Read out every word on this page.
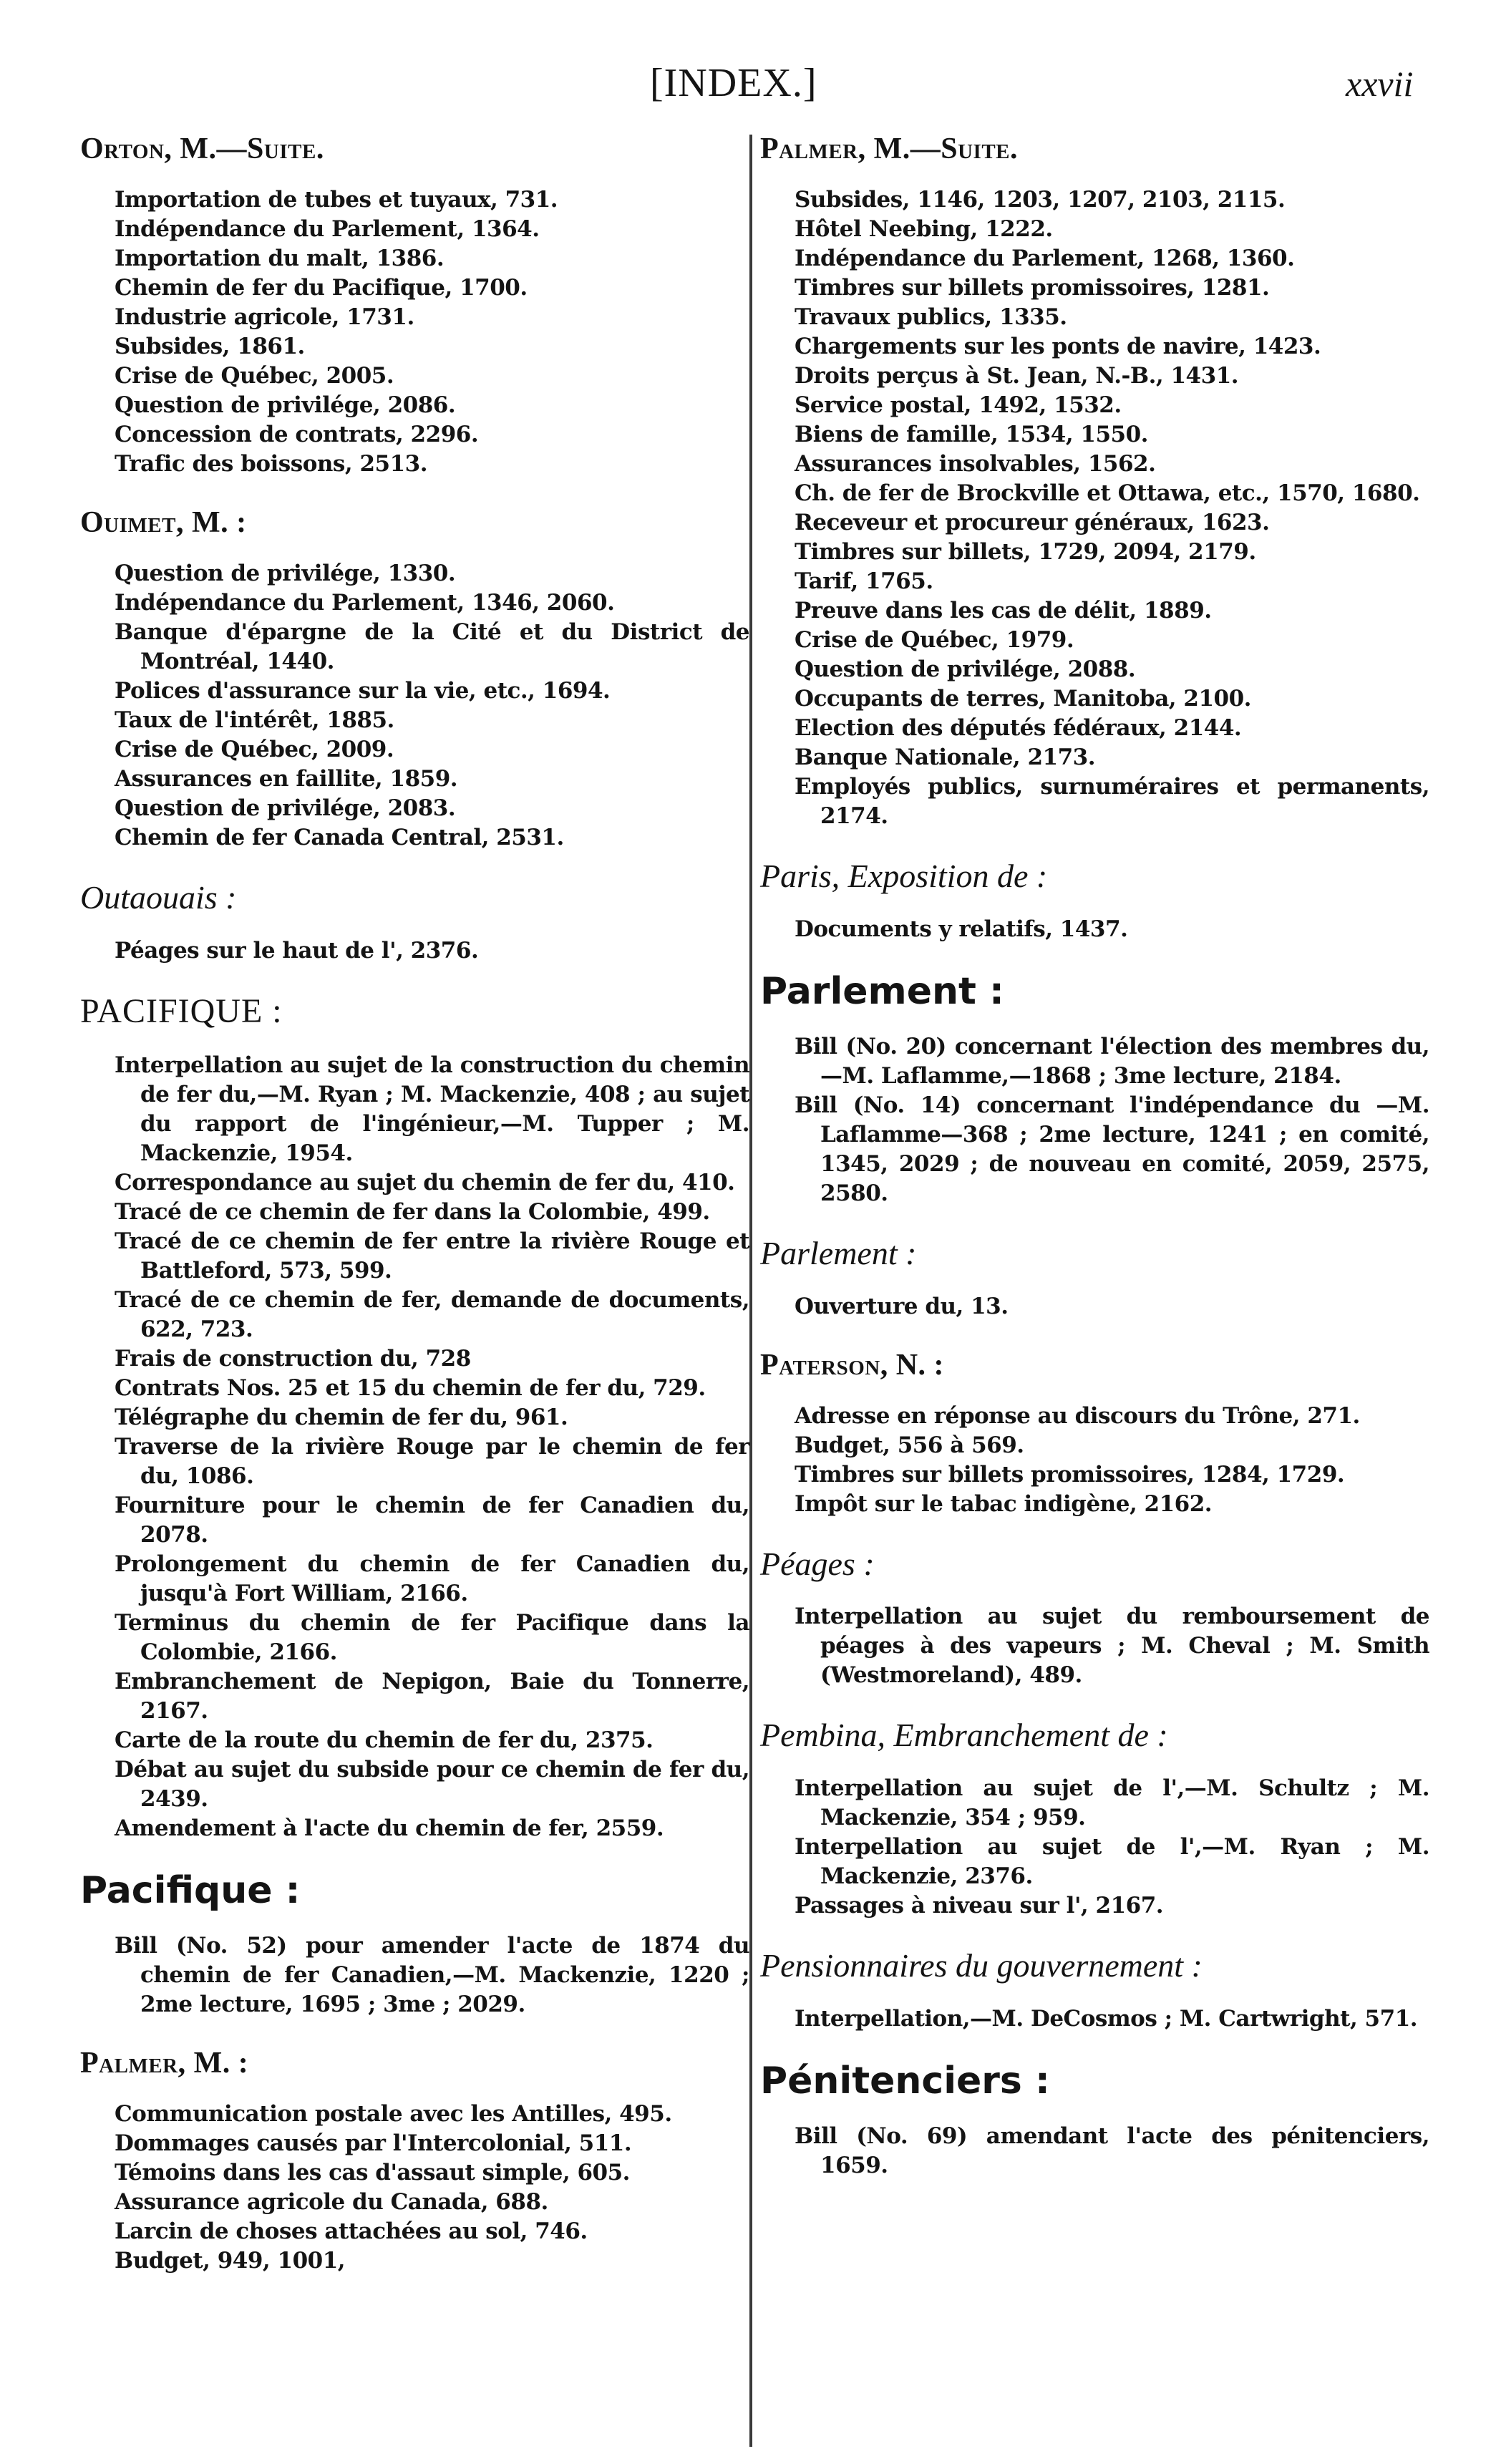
[INDEX.]	xxvii
Orton, M.—Suite.
Importation de tubes et tuyaux, 731.
Indépendance du Parlement, 1364.
Importation du malt, 1386.
Chemin de fer du Pacifique, 1700.
Industrie agricole, 1731.
Subsides, 1861.
Crise de Québec, 2005.
Question de privilége, 2086.
Concession de contrats, 2296.
Trafic des boissons, 2513.
Ouimet, M. :
Question de privilége, 1330.
Indépendance du Parlement, 1346, 2060.
Banque d'épargne de la Cité et du District de Montréal, 1440.
Polices d'assurance sur la vie, etc., 1694.
Taux de l'intérêt, 1885.
Crise de Québec, 2009.
Assurances en faillite, 1859.
Question de privilége, 2083.
Chemin de fer Canada Central, 2531.
Outaouais :
Péages sur le haut de l', 2376.
PACIFIQUE :
Interpellation au sujet de la construction du chemin de fer du,—M. Ryan ; M. Mackenzie, 408 ; au sujet du rapport de l'ingénieur,—M. Tupper ; M. Mackenzie, 1954.
Correspondance au sujet du chemin de fer du, 410.
Tracé de ce chemin de fer dans la Colombie, 499.
Tracé de ce chemin de fer entre la rivière Rouge et Battleford, 573, 599.
Tracé de ce chemin de fer, demande de documents, 622, 723.
Frais de construction du, 728
Contrats Nos. 25 et 15 du chemin de fer du, 729.
Télégraphe du chemin de fer du, 961.
Traverse de la rivière Rouge par le chemin de fer du, 1086.
Fourniture pour le chemin de fer Canadien du, 2078.
Prolongement du chemin de fer Canadien du, jusqu'à Fort William, 2166.
Terminus du chemin de fer Pacifique dans la Colombie, 2166.
Embranchement de Nepigon, Baie du Tonnerre, 2167.
Carte de la route du chemin de fer du, 2375.
Débat au sujet du subside pour ce chemin de fer du, 2439.
Amendement à l'acte du chemin de fer, 2559.
Pacifique :
Bill (No. 52) pour amender l'acte de 1874 du chemin de fer Canadien,—M. Mackenzie, 1220 ; 2me lecture, 1695 ; 3me ; 2029.
Palmer, M. :
Communication postale avec les Antilles, 495.
Dommages causés par l'Intercolonial, 511.
Témoins dans les cas d'assaut simple, 605.
Assurance agricole du Canada, 688.
Larcin de choses attachées au sol, 746.
Budget, 949, 1001,
Palmer, M.—Suite.
Subsides, 1146, 1203, 1207, 2103, 2115.
Hôtel Neebing, 1222.
Indépendance du Parlement, 1268, 1360.
Timbres sur billets promissoires, 1281.
Travaux publics, 1335.
Chargements sur les ponts de navire, 1423.
Droits perçus à St. Jean, N.-B., 1431.
Service postal, 1492, 1532.
Biens de famille, 1534, 1550.
Assurances insolvables, 1562.
Ch. de fer de Brockville et Ottawa, etc., 1570, 1680.
Receveur et procureur généraux, 1623.
Timbres sur billets, 1729, 2094, 2179.
Tarif, 1765.
Preuve dans les cas de délit, 1889.
Crise de Québec, 1979.
Question de privilége, 2088.
Occupants de terres, Manitoba, 2100.
Election des députés fédéraux, 2144.
Banque Nationale, 2173.
Employés publics, surnuméraires et permanents, 2174.
Paris, Exposition de :
Documents y relatifs, 1437.
Parlement :
Bill (No. 20) concernant l'élection des membres du,—M. Laflamme,—1868 ; 3me lecture, 2184.
Bill (No. 14) concernant l'indépendance du —M. Laflamme—368 ; 2me lecture, 1241 ; en comité, 1345, 2029 ; de nouveau en comité, 2059, 2575, 2580.
Parlement :
Ouverture du, 13.
Paterson, N. :
Adresse en réponse au discours du Trône, 271.
Budget, 556 à 569.
Timbres sur billets promissoires, 1284, 1729.
Impôt sur le tabac indigène, 2162.
Péages :
Interpellation au sujet du remboursement de péages à des vapeurs ; M. Cheval ; M. Smith (Westmoreland), 489.
Pembina, Embranchement de :
Interpellation au sujet de l',—M. Schultz ; M. Mackenzie, 354 ; 959.
Interpellation au sujet de l',—M. Ryan ; M. Mackenzie, 2376.
Passages à niveau sur l', 2167.
Pensionnaires du gouvernement :
Interpellation,—M. DeCosmos ; M. Cartwright, 571.
Pénitenciers :
Bill (No. 69) amendant l'acte des pénitenciers, 1659.
